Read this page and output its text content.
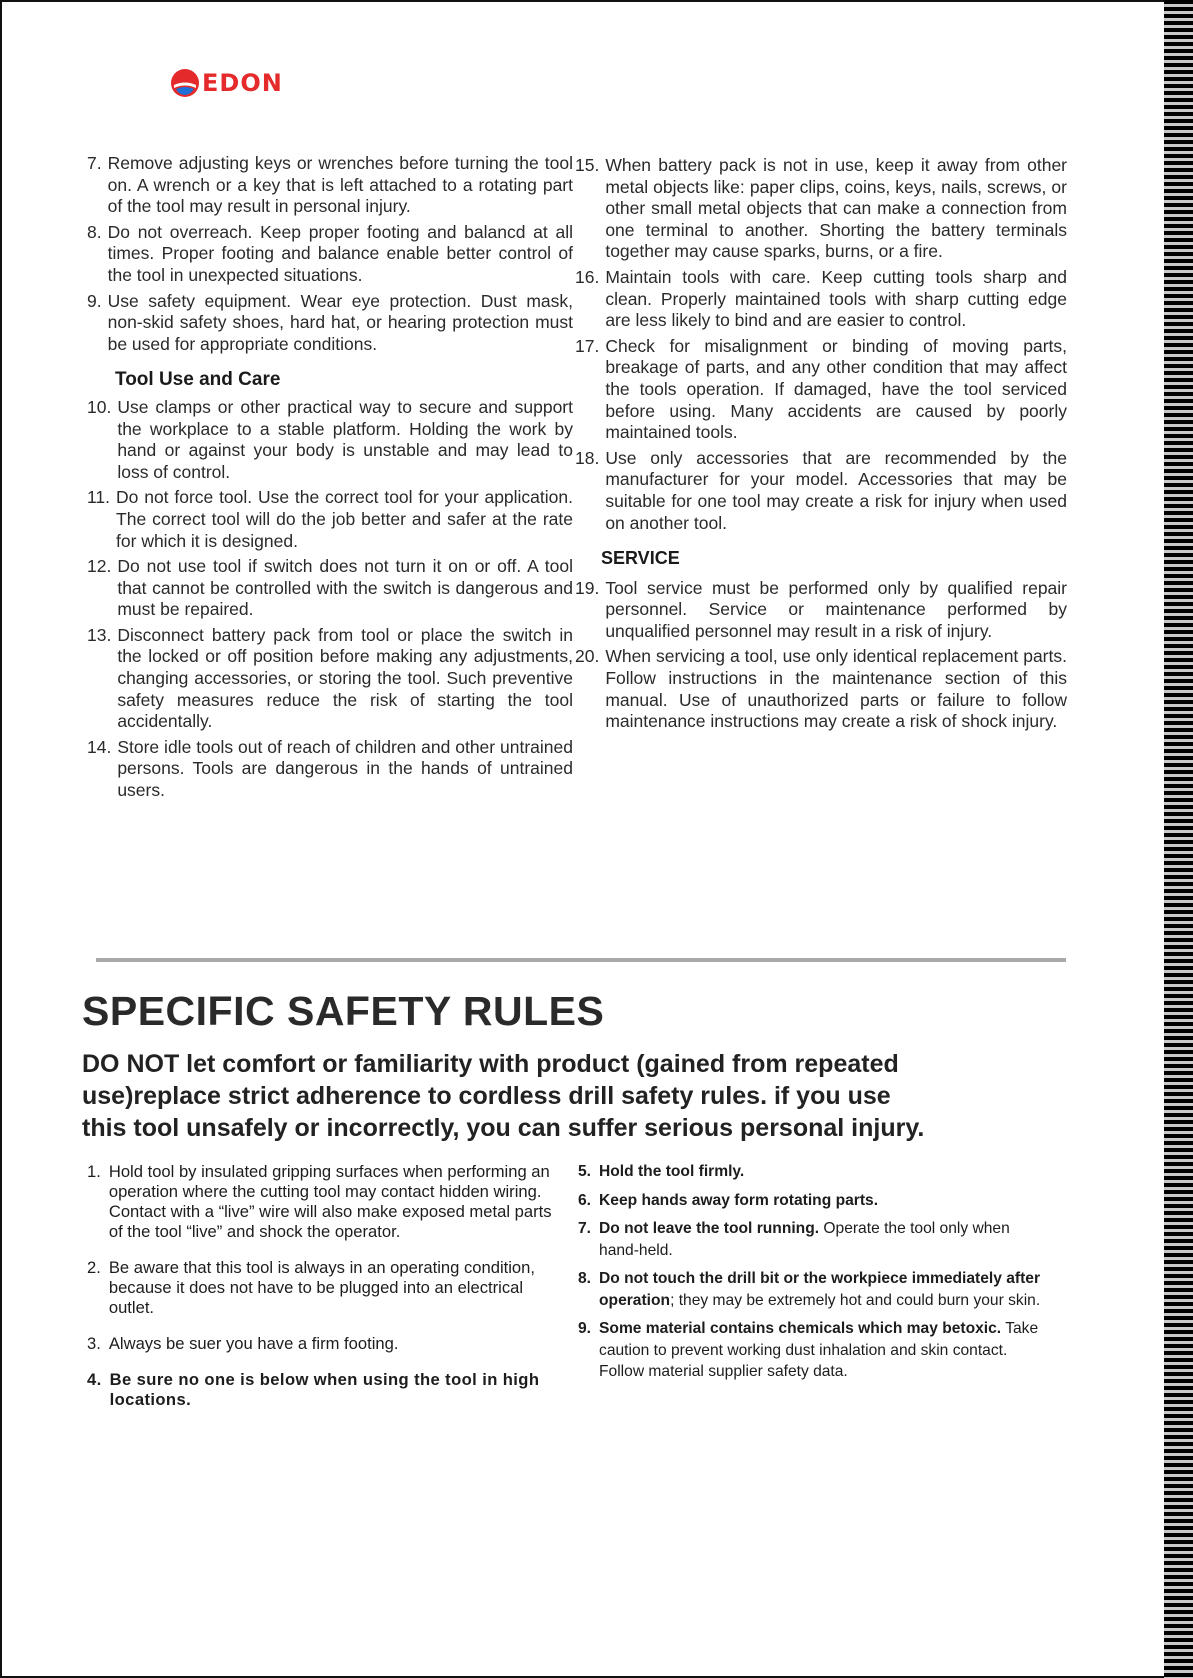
EDON
7. Remove adjusting keys or wrenches before turning the tool on. A wrench or a key that is left attached to a rotating part of the tool may result in personal injury.
8. Do not overreach. Keep proper footing and balancd at all times. Proper footing and balance enable better control of the tool in unexpected situations.
9. Use safety equipment. Wear eye protection. Dust mask, non-skid safety shoes, hard hat, or hearing protection must be used for appropriate conditions.
Tool Use and Care
10. Use clamps or other practical way to secure and support the workplace to a stable platform. Holding the work by hand or against your body is unstable and may lead to loss of control.
11. Do not force tool. Use the correct tool for your application. The correct tool will do the job better and safer at the rate for which it is designed.
12. Do not use tool if switch does not turn it on or off. A tool that cannot be controlled with the switch is dangerous and must be repaired.
13. Disconnect battery pack from tool or place the switch in the locked or off position before making any adjustments, changing accessories, or storing the tool. Such preventive safety measures reduce the risk of starting the tool accidentally.
14. Store idle tools out of reach of children and other untrained persons. Tools are dangerous in the hands of untrained users.
15. When battery pack is not in use, keep it away from other metal objects like: paper clips, coins, keys, nails, screws, or other small metal objects that can make a connection from one terminal to another. Shorting the battery terminals together may cause sparks, burns, or a fire.
16. Maintain tools with care. Keep cutting tools sharp and clean. Properly maintained tools with sharp cutting edge are less likely to bind and are easier to control.
17. Check for misalignment or binding of moving parts, breakage of parts, and any other condition that may affect the tools operation. If damaged, have the tool serviced before using. Many accidents are caused by poorly maintained tools.
18. Use only accessories that are recommended by the manufacturer for your model. Accessories that may be suitable for one tool may create a risk for injury when used on another tool.
SERVICE
19. Tool service must be performed only by qualified repair personnel. Service or maintenance performed by unqualified personnel may result in a risk of injury.
20. When servicing a tool, use only identical replacement parts. Follow instructions in the maintenance section of this manual. Use of unauthorized parts or failure to follow maintenance instructions may create a risk of shock injury.
SPECIFIC SAFETY RULES
DO NOT let comfort or familiarity with product (gained from repeated
use)replace strict adherence to cordless drill safety rules. if you use
this tool unsafely or incorrectly, you can suffer serious personal injury.
1. Hold tool by insulated gripping surfaces when performing an operation where the cutting tool may contact hidden wiring. Contact with a “live” wire will also make exposed metal parts of the tool “live” and shock the operator.
2. Be aware that this tool is always in an operating condition, because it does not have to be plugged into an electrical outlet.
3. Always be suer you have a firm footing.
4. Be sure no one is below when using the tool in high locations.
5. Hold the tool firmly.
6. Keep hands away form rotating parts.
7. Do not leave the tool running. Operate the tool only when hand-held.
8. Do not touch the drill bit or the workpiece immediately after operation; they may be extremely hot and could burn your skin.
9. Some material contains chemicals which may betoxic. Take caution to prevent working dust inhalation and skin contact. Follow material supplier safety data.
